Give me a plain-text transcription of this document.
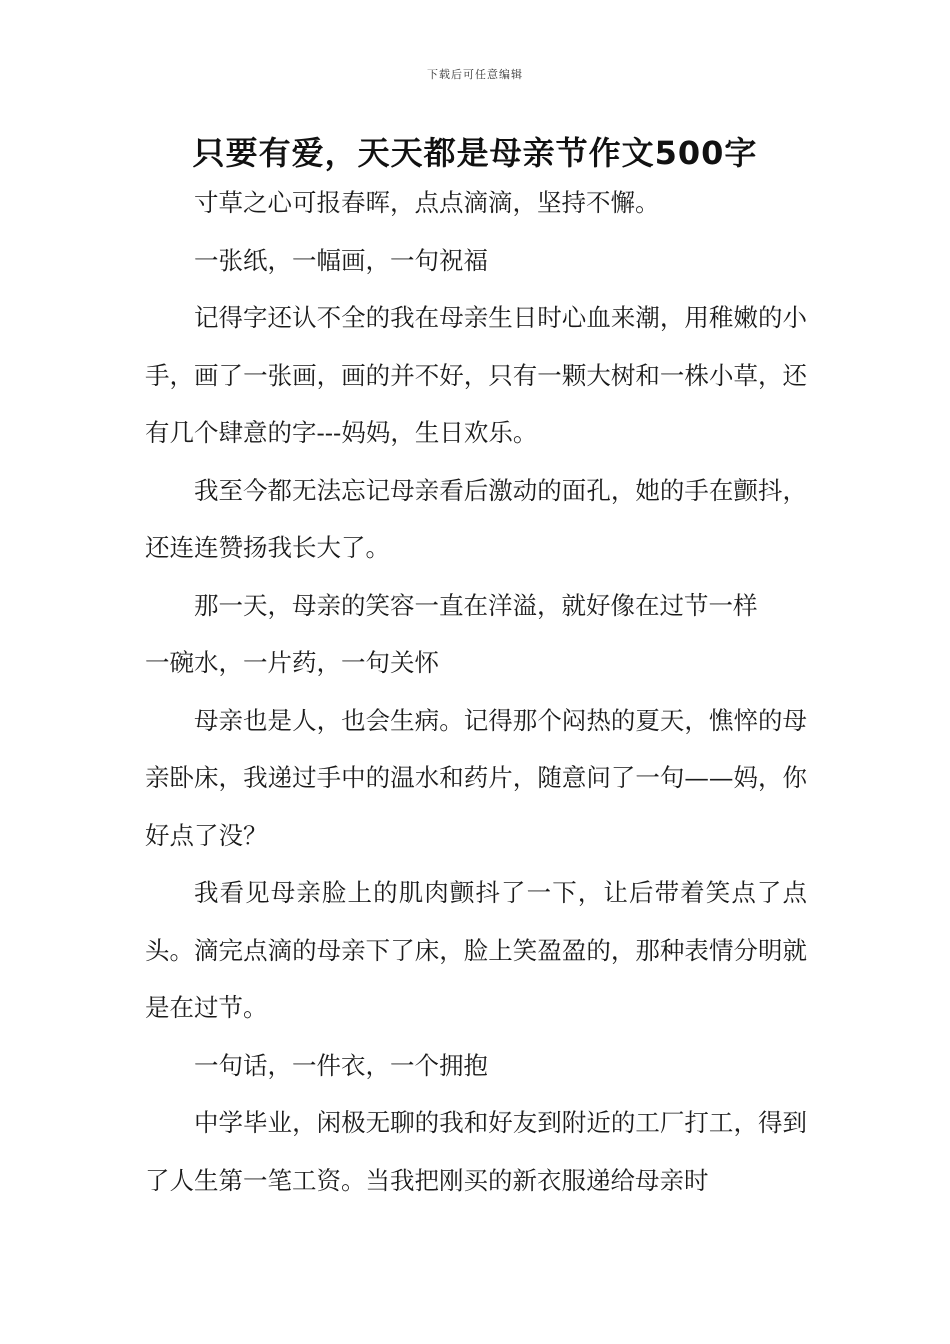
下载后可任意编辑
只要有爱，天天都是母亲节作文500字

寸草之心可报春晖，点点滴滴，坚持不懈。

一张纸，一幅画，一句祝福

记得字还认不全的我在母亲生日时心血来潮，用稚嫩的小手，画了一张画，画的并不好，只有一颗大树和一株小草，还有几个肆意的字---妈妈，生日欢乐。

我至今都无法忘记母亲看后激动的面孔，她的手在颤抖，还连连赞扬我长大了。

那一天，母亲的笑容一直在洋溢，就好像在过节一样

一碗水，一片药，一句关怀

母亲也是人，也会生病。记得那个闷热的夏天，憔悴的母亲卧床，我递过手中的温水和药片，随意问了一句——妈，你好点了没？

我看见母亲脸上的肌肉颤抖了一下，让后带着笑点了点头。滴完点滴的母亲下了床，脸上笑盈盈的，那种表情分明就是在过节。

一句话，一件衣，一个拥抱

中学毕业，闲极无聊的我和好友到附近的工厂打工，得到了人生第一笔工资。当我把刚买的新衣服递给母亲时
